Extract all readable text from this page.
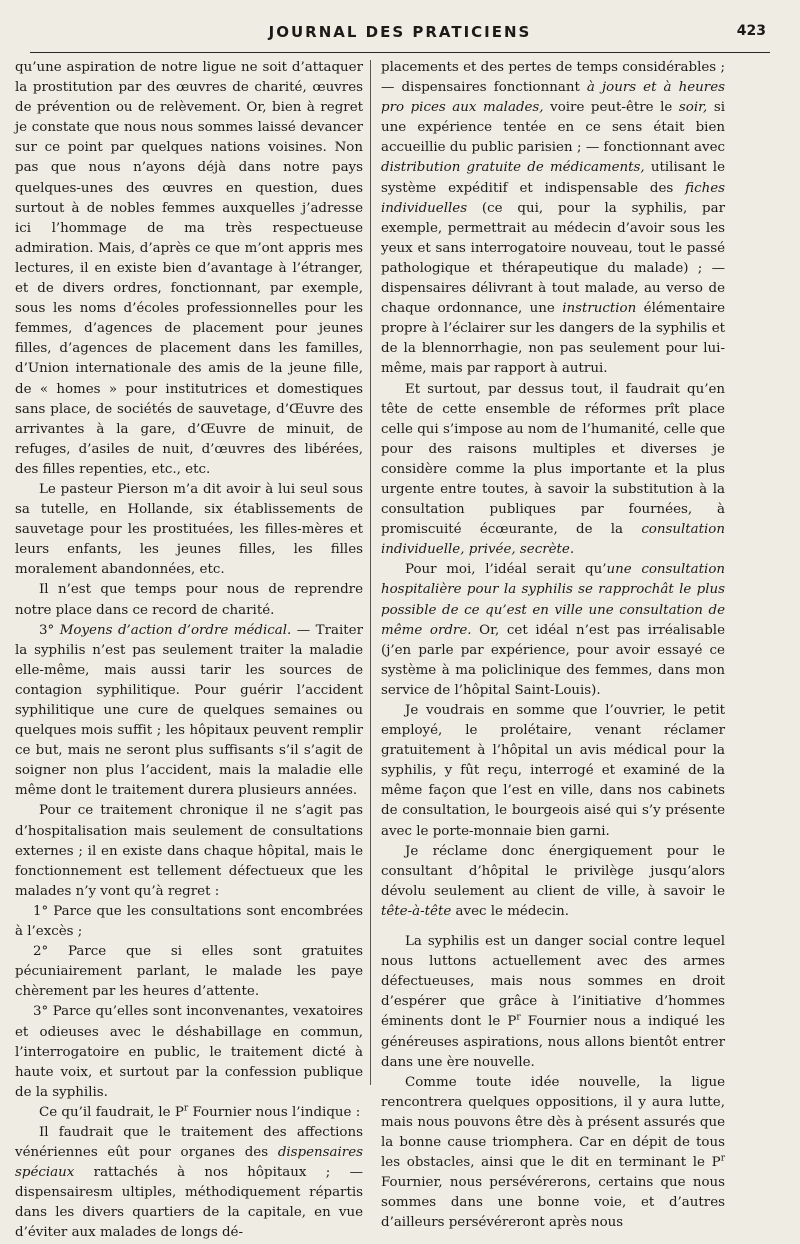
JOURNAL DES PRATICIENS	423

qu’une aspiration de notre ligue ne soit d’attaquer la prostitution par des œuvres de charité, œuvres de prévention ou de relèvement. Or, bien à regret je constate que nous nous sommes laissé devancer sur ce point par quelques nations voisines. Non pas que nous n’ayons déjà dans notre pays quelques-unes des œuvres en question, dues surtout à de nobles femmes auxquelles j’adresse ici l’hommage de ma très respectueuse admiration. Mais, d’après ce que m’ont appris mes lectures, il en existe bien d’avantage à l’étranger, et de divers ordres, fonctionnant, par exemple, sous les noms d’écoles professionnelles pour les femmes, d’agences de placement pour jeunes filles, d’agences de placement dans les familles, d’Union internationale des amis de la jeune fille, de « homes » pour institutrices et domestiques sans place, de sociétés de sauvetage, d’Œuvre des arrivantes à la gare, d’Œuvre de minuit, de refuges, d’asiles de nuit, d’œuvres des libérées, des filles repenties, etc., etc.

Le pasteur Pierson m’a dit avoir à lui seul sous sa tutelle, en Hollande, six établissements de sauvetage pour les prostituées, les filles-mères et leurs enfants, les jeunes filles, les filles moralement abandonnées, etc.

Il n’est que temps pour nous de reprendre notre place dans ce record de charité.

3° Moyens d’action d’ordre médical. — Traiter la syphilis n’est pas seulement traiter la maladie elle-même, mais aussi tarir les sources de contagion syphilitique. Pour guérir l’accident syphilitique une cure de quelques semaines ou quelques mois suffit ; les hôpitaux peuvent remplir ce but, mais ne seront plus suffisants s’il s’agit de soigner non plus l’accident, mais la maladie elle même dont le traitement durera plusieurs années.

Pour ce traitement chronique il ne s’agit pas d’hospitalisation mais seulement de consultations externes ; il en existe dans chaque hôpital, mais le fonctionnement est tellement défectueux que les malades n’y vont qu’à regret :

1° Parce que les consultations sont encombrées à l’excès ;

2° Parce que si elles sont gratuites pécuniairement parlant, le malade les paye chèrement par les heures d’attente.

3° Parce qu’elles sont inconvenantes, vexatoires et odieuses avec le déshabillage en commun, l’interrogatoire en public, le traitement dicté à haute voix, et surtout par la confession publique de la syphilis.

Ce qu’il faudrait, le $P^r$ Fournier nous l’indique :

Il faudrait que le traitement des affections vénériennes eût pour organes des dispensaires spéciaux rattachés à nos hôpitaux ; — dispensairesm ultiples, méthodiquement répartis dans les divers quartiers de la capitale, en vue d’éviter aux malades de longs dé-

placements et des pertes de temps considérables ; — dispensaires fonctionnant à jours et à heures pro pices aux malades, voire peut-être le soir, si une expérience tentée en ce sens était bien accueillie du public parisien ; — fonctionnant avec distribution gratuite de médicaments, utilisant le système expéditif et indispensable des fiches individuelles (ce qui, pour la syphilis, par exemple, permettrait au médecin d’avoir sous les yeux et sans interrogatoire nouveau, tout le passé pathologique et thérapeutique du malade) ; — dispensaires délivrant à tout malade, au verso de chaque ordonnance, une instruction élémentaire propre à l’éclairer sur les dangers de la syphilis et de la blennorrhagie, non pas seulement pour lui-même, mais par rapport à autrui.

Et surtout, par dessus tout, il faudrait qu’en tête de cette ensemble de réformes prît place celle qui s’impose au nom de l’humanité, celle que pour des raisons multiples et diverses je considère comme la plus importante et la plus urgente entre toutes, à savoir la substitution à la consultation publiques par fournées, à promiscuité écœurante, de la consultation individuelle, privée, secrète.

Pour moi, l’idéal serait qu’une consultation hospitalière pour la syphilis se rapprochât le plus possible de ce qu’est en ville une consultation de même ordre. Or, cet idéal n’est pas irréalisable (j’en parle par expérience, pour avoir essayé ce système à ma policlinique des femmes, dans mon service de l’hôpital Saint-Louis).

Je voudrais en somme que l’ouvrier, le petit employé, le prolétaire, venant réclamer gratuitement à l’hôpital un avis médical pour la syphilis, y fût reçu, interrogé et examiné de la même façon que l’est en ville, dans nos cabinets de consultation, le bourgeois aisé qui s’y présente avec le porte-monnaie bien garni.

Je réclame donc énergiquement pour le consultant d’hôpital le privilège jusqu’alors dévolu seulement au client de ville, à savoir le tête-à-tête avec le médecin.

La syphilis est un danger social contre lequel nous luttons actuellement avec des armes défectueuses, mais nous sommes en droit d’espérer que grâce à l’initiative d’hommes éminents dont le $P^r$ Fournier nous a indiqué les généreuses aspirations, nous allons bientôt entrer dans une ère nouvelle.

Comme toute idée nouvelle, la ligue rencontrera quelques oppositions, il y aura lutte, mais nous pouvons être dès à présent assurés que la bonne cause triomphera. Car en dépit de tous les obstacles, ainsi que le dit en terminant le $P^r$ Fournier, nous persévérerons, certains que nous sommes dans une bonne voie, et d’autres d’ailleurs persévéreront après nous
